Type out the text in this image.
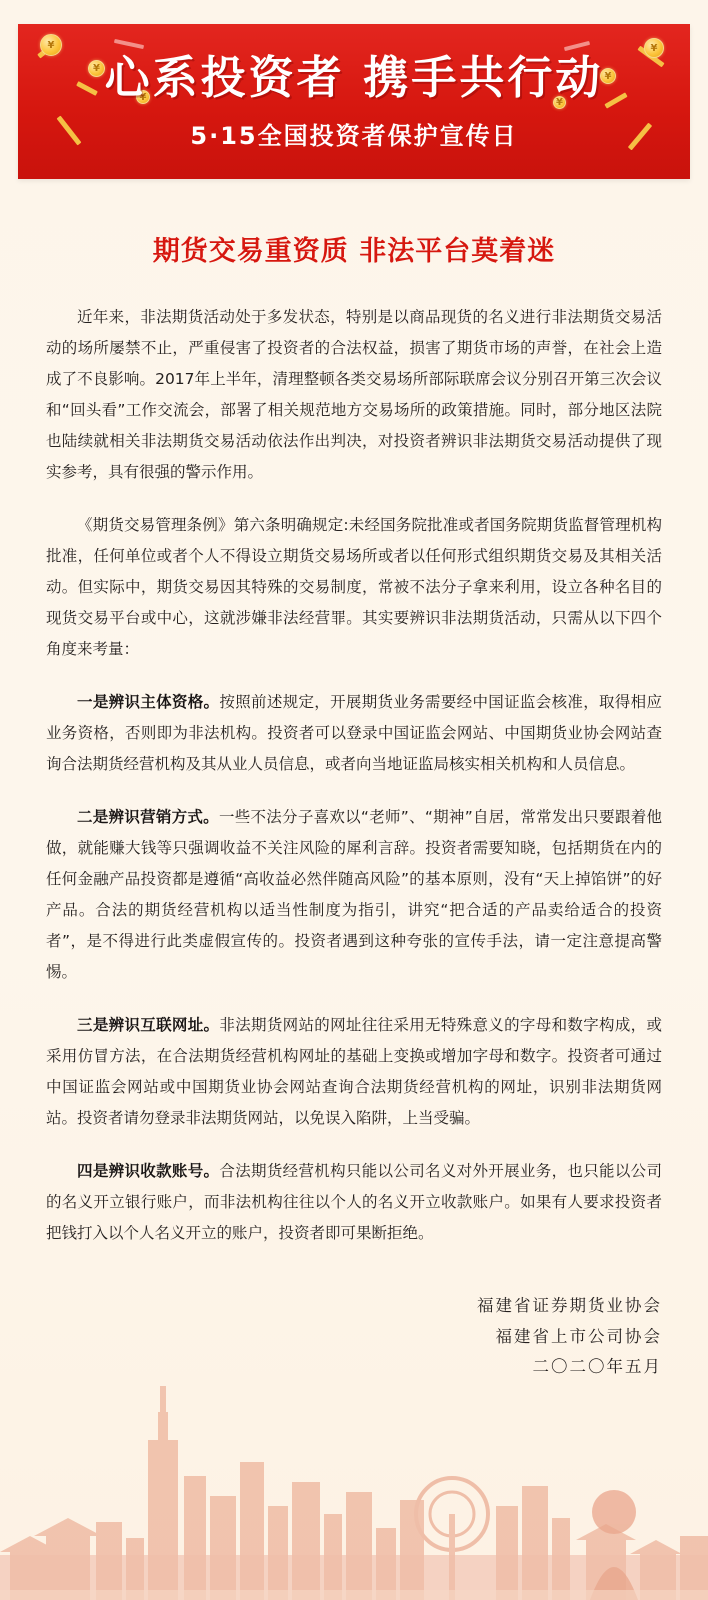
¥
¥
¥
¥
¥
¥
心系投资者 携手共行动
5·15全国投资者保护宣传日
期货交易重资质 非法平台莫着迷

近年来，非法期货活动处于多发状态，特别是以商品现货的名义进行非法期货交易活动的场所屡禁不止，严重侵害了投资者的合法权益，损害了期货市场的声誉，在社会上造成了不良影响。2017年上半年，清理整顿各类交易场所部际联席会议分别召开第三次会议和“回头看”工作交流会，部署了相关规范地方交易场所的政策措施。同时，部分地区法院也陆续就相关非法期货交易活动依法作出判决，对投资者辨识非法期货交易活动提供了现实参考，具有很强的警示作用。

《期货交易管理条例》第六条明确规定:未经国务院批准或者国务院期货监督管理机构批准，任何单位或者个人不得设立期货交易场所或者以任何形式组织期货交易及其相关活动。但实际中，期货交易因其特殊的交易制度，常被不法分子拿来利用，设立各种名目的现货交易平台或中心，这就涉嫌非法经营罪。其实要辨识非法期货活动，只需从以下四个角度来考量：

一是辨识主体资格。按照前述规定，开展期货业务需要经中国证监会核准，取得相应业务资格，否则即为非法机构。投资者可以登录中国证监会网站、中国期货业协会网站查询合法期货经营机构及其从业人员信息，或者向当地证监局核实相关机构和人员信息。

二是辨识营销方式。一些不法分子喜欢以“老师”、“期神”自居，常常发出只要跟着他做，就能赚大钱等只强调收益不关注风险的犀利言辞。投资者需要知晓，包括期货在内的任何金融产品投资都是遵循“高收益必然伴随高风险”的基本原则，没有“天上掉馅饼”的好产品。合法的期货经营机构以适当性制度为指引，讲究“把合适的产品卖给适合的投资者”，是不得进行此类虚假宣传的。投资者遇到这种夸张的宣传手法，请一定注意提高警惕。

三是辨识互联网址。非法期货网站的网址往往采用无特殊意义的字母和数字构成，或采用仿冒方法，在合法期货经营机构网址的基础上变换或增加字母和数字。投资者可通过中国证监会网站或中国期货业协会网站查询合法期货经营机构的网址，识别非法期货网站。投资者请勿登录非法期货网站，以免误入陷阱，上当受骗。

四是辨识收款账号。合法期货经营机构只能以公司名义对外开展业务，也只能以公司的名义开立银行账户，而非法机构往往以个人的名义开立收款账户。如果有人要求投资者把钱打入以个人名义开立的账户，投资者即可果断拒绝。

福建省证券期货业协会
福建省上市公司协会
二〇二〇年五月
